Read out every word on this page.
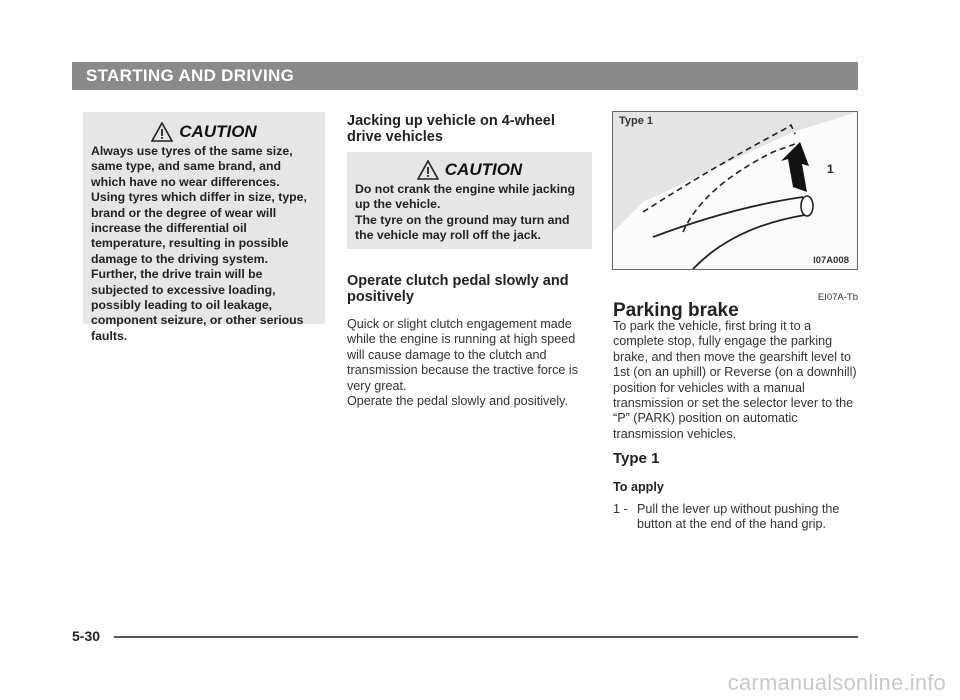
STARTING AND DRIVING
CAUTION

Always use tyres of the same size, same type, and same brand, and which have no wear differences. Using tyres which differ in size, type, brand or the degree of wear will increase the differential oil temperature, resulting in possible damage to the driving system.

Further, the drive train will be subjected to excessive loading, possibly leading to oil leakage, component seizure, or other serious faults.

Jacking up vehicle on 4-wheel drive vehicles
CAUTION

Do not crank the engine while jacking up the vehicle.

The tyre on the ground may turn and the vehicle may roll off the jack.

Operate clutch pedal slowly and positively

Quick or slight clutch engagement made while the engine is running at high speed will cause damage to the clutch and transmission because the tractive force is very great.

Operate the pedal slowly and positively.

Type 1
1
I07A008
Parking brake
EI07A-Tb

To park the vehicle, first bring it to a complete stop, fully engage the parking brake, and then move the gearshift level to 1st (on an uphill) or Reverse (on a downhill) position for vehicles with a manual transmission or set the selector lever to the “P” (PARK) position on automatic transmission vehicles.

Type 1
To apply
1 - Pull the lever up without pushing the button at the end of the hand grip.
5-30
carmanualsonline.info
